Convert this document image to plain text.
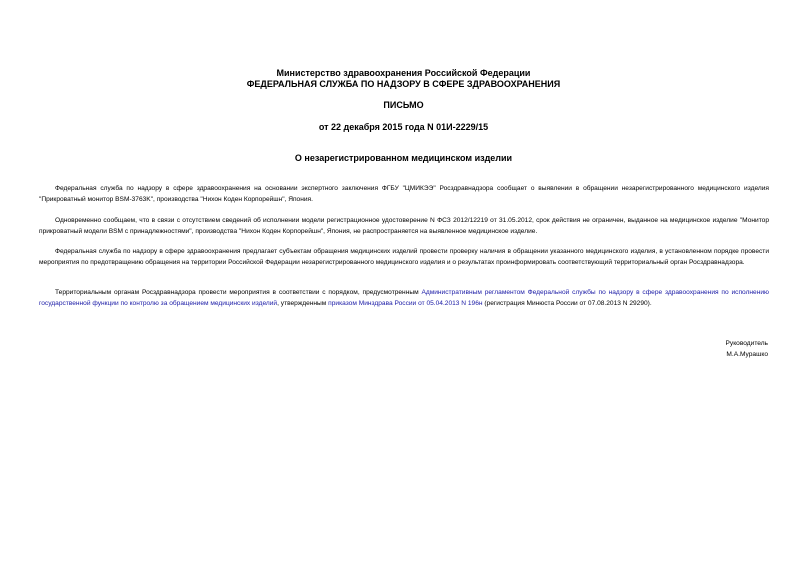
Министерство здравоохранения Российской Федерации
ФЕДЕРАЛЬНАЯ СЛУЖБА ПО НАДЗОРУ В СФЕРЕ ЗДРАВООХРАНЕНИЯ
ПИСЬМО
от 22 декабря 2015 года N 01И-2229/15
О незарегистрированном медицинском изделии

Федеральная служба по надзору в сфере здравоохранения на основании экспертного заключения ФГБУ "ЦМИКЭЭ" Росздравнадзора сообщает о выявлении в обращении незарегистрированного медицинского изделия "Прикроватный монитор BSM-3763K", производства "Нихон Коден Корпорейшн", Япония.

Одновременно сообщаем, что в связи с отсутствием сведений об исполнении модели регистрационное удостоверение N ФСЗ 2012/12219 от 31.05.2012, срок действия не ограничен, выданное на медицинское изделие "Монитор прикроватный модели BSM с принадлежностями", производства "Нихон Коден Корпорейшн", Япония, не распространяется на выявленное медицинское изделие.

Федеральная служба по надзору в сфере здравоохранения предлагает субъектам обращения медицинских изделий провести проверку наличия в обращении указанного медицинского изделия, в установленном порядке провести мероприятия по предотвращению обращения на территории Российской Федерации незарегистрированного медицинского изделия и о результатах проинформировать соответствующий территориальный орган Росздравнадзора.

Территориальным органам Росздравнадзора провести мероприятия в соответствии с порядком, предусмотренным Административным регламентом Федеральной службы по надзору в сфере здравоохранения по исполнению государственной функции по контролю за обращением медицинских изделий, утвержденным приказом Минздрава России от 05.04.2013 N 196н (регистрация Минюста России от 07.08.2013 N 29290).

Руководитель
М.А.Мурашко
